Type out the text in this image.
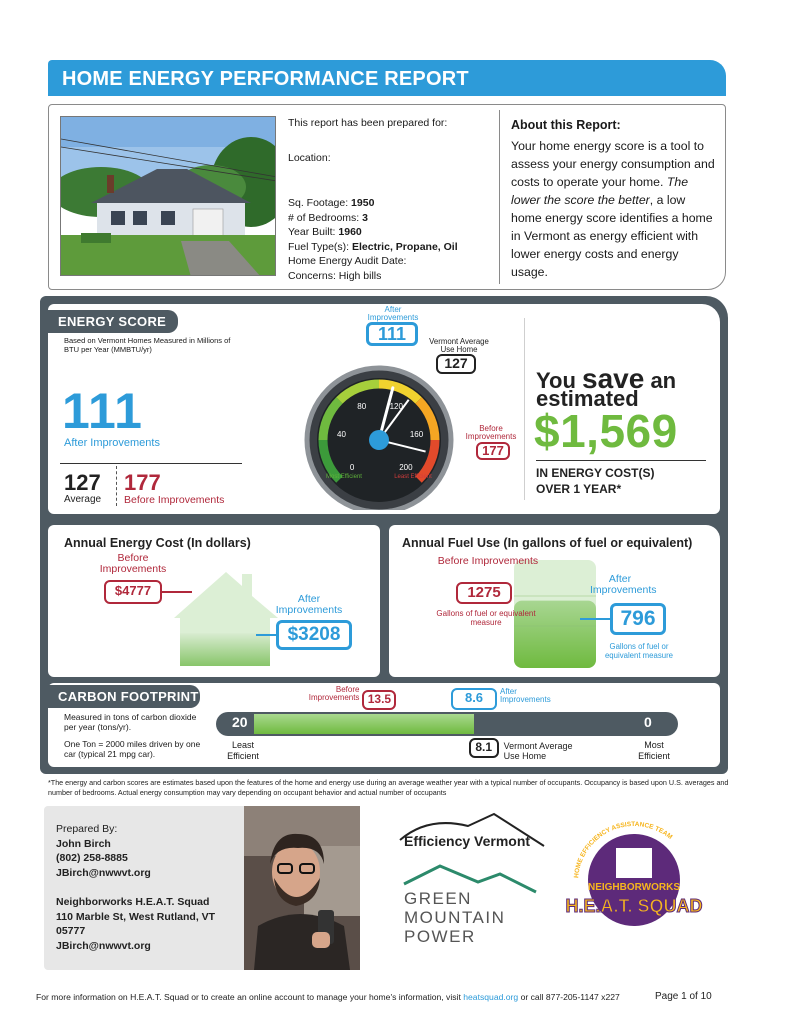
HOME ENERGY PERFORMANCE REPORT
This report has been prepared for:
Location:
Sq. Footage: 1950
# of Bedrooms: 3
Year Built: 1960
Fuel Type(s): Electric, Propane, Oil
Home Energy Audit Date:
Concerns: High bills
About this Report:
Your home energy score is a tool to assess your energy consumption and costs to operate your home. The lower the score the better, a low home energy score identifies a home in Vermont as energy efficient with lower energy costs and energy usage.
ENERGY SCORE
Based on Vermont Homes Measured in Millions of BTU per Year (MMBTU/yr)
111
After Improvements
127
Average
177
Before Improvements
0
40
80	120
160
200
Most Efficient	Least Efficient
After Improvements
111	Vermont Average Use Home
127
Before Improvements
177
You save an
estimated
$1,569
IN ENERGY COST(S)
OVER 1 YEAR*
Annual Energy Cost (In dollars)
Before Improvements
$4777
After Improvements
$3208
Annual Fuel Use (In gallons of fuel or equivalent)
Before Improvements
1275
Gallons of fuel or equivalent measure
After Improvements
796
Gallons of fuel or equivalent measure
CARBON FOOTPRINT
Measured in tons of carbon dioxide per year (tons/yr).
One Ton = 2000 miles driven by one car (typical 21 mpg car).
20	0
Least Efficient
Most Efficient
Before Improvements 13.5	8.6	After Improvements
8.1	Vermont Average Use Home
*The energy and carbon scores are estimates based upon the features of the home and energy use during an average weather year with a typical number of occupants. Occupancy is based upon U.S. averages and number of bedrooms. Actual energy consumption may vary depending on occupant behavior and actual number of occupants
Prepared By:
John Birch
(802) 258-8885
JBirch@nwwvt.org
Neighborworks H.E.A.T. Squad
110 Marble St, West Rutland, VT
05777
JBirch@nwwvt.org
Efficiency Vermont
GREEN
MOUNTAIN
POWER
HOME EFFICIENCY ASSISTANCE TEAM
NEIGHBORWORKS
H.E.A.T. SQUAD
For more information on H.E.A.T. Squad or to create an online account to manage your home's information, visit heatsquad.org or call 877-205-1147 x227	Page 1 of 10
